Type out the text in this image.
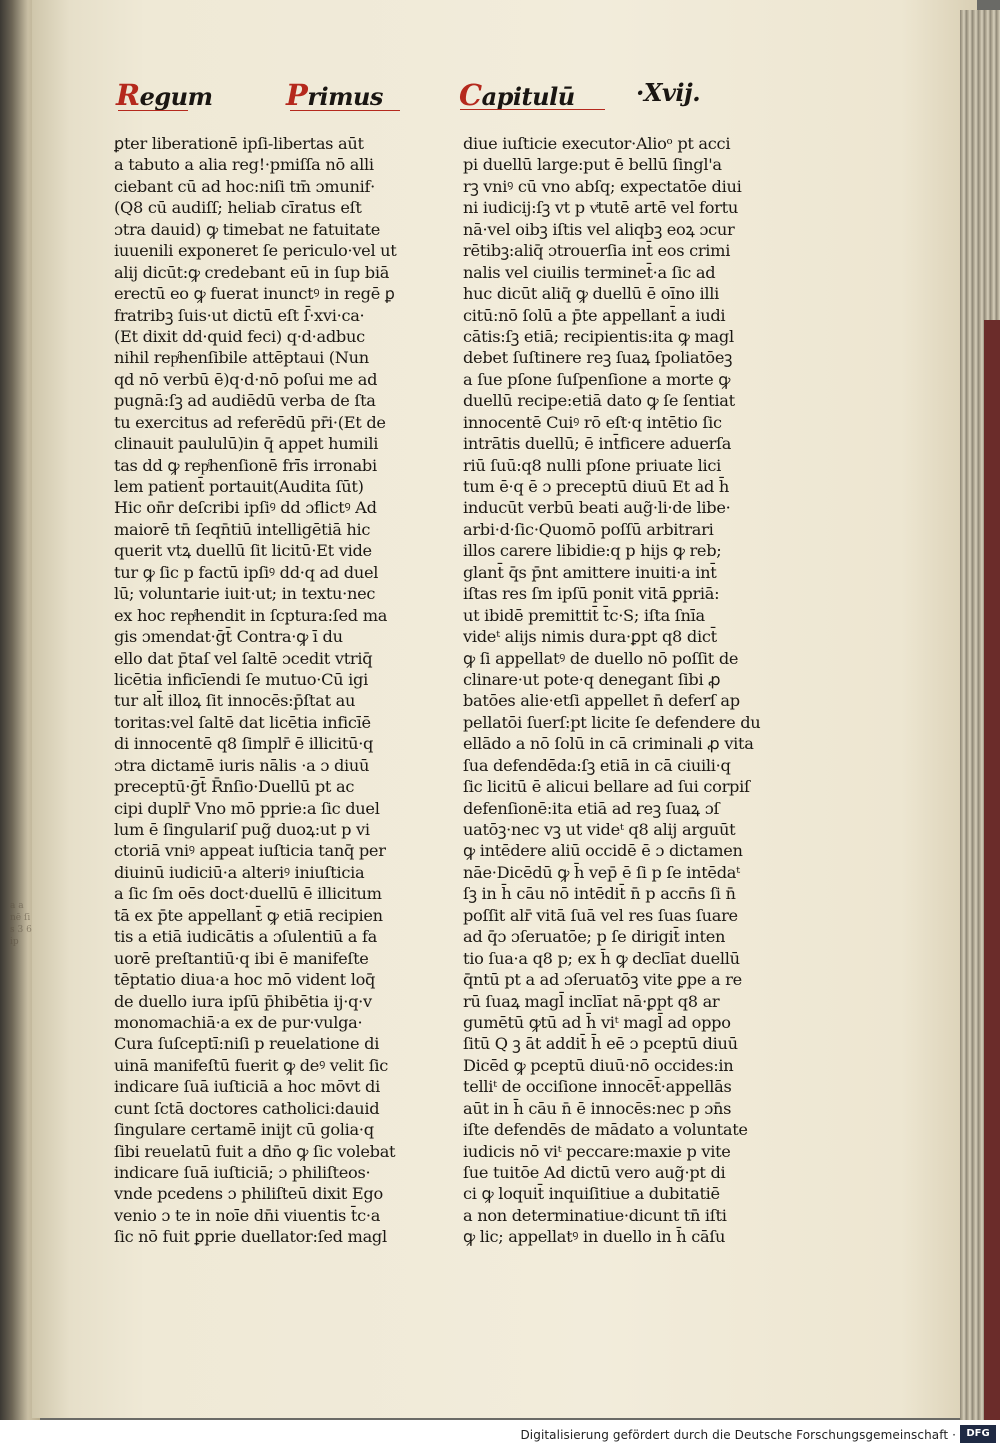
a a nē ſi s 3 6ip
Regum	Primus	Capitulū	·Xvij.
ꝑter liberationē ipſi-libertas aūt
a tabuto a alia reg!·pmiſſa nō alli
ciebant cū ad hoc:niſi tm̄ ɔmunif·
(Q8 cū audiſſ; heliab cīratus eſt
ɔtra dauid) ꝙ timebat ne fatuitate
iuuenili exponeret ſe periculo·vel ut
alij dicūt:ꝙ credebant eū in ſup biā
erectū eo ꝙ fuerat inunctꝰ in regē ꝑ
fratribꝫ ſuis·ut dictū eſt ſ̄·xvi·ca·
(Et dixit dd·quid feci) q·d·adbuc
nihil repͥhenſibile attēptaui (Nun
qd nō verbū ē)q·d·nō poſui me ad
pugnā:ſꝫ ad audiēdū verba de ſta
tu exercitus ad referēdū pr̄i·(Et de
clinauit paululū)in q̄ appet humili
tas dd ꝙ repͥhenſionē frīs irronabi
lem patient̄ portauit(Audita ſūt)
Hic on̄r deſcribi ipſiꝰ dd ɔflictꝰ Ad
maiorē tn̄ ſeqn̄tiū intelligētiā hic
querit vtꝝ duellū ſit licitū·Et vide
tur ꝙ ſic p factū ipſiꝰ dd·q ad duel
lū; voluntarie iuit·ut; in textu·nec
ex hoc repͥhendit in ſcptura:ſed ma
gis ɔmendat·ḡt̄ Contra·ꝙ ī du
ello dat p̄taſ vel ſaltē ɔcedit vtriq̄
licētia inficīendi ſe mutuo·Cū igi
tur alt̄ illoꝝ ſit innocēs:p̄ſtat au
toritas:vel ſaltē dat licētia inficīē
di innocentē q8 ſimplr̄ ē illicitū·q
ɔtra dictamē iuris nālis ·a ɔ diuū
preceptū·ḡt̄ R̄nſio·Duellū pt ac
cipi duplr̄ Vno mō pprie:a ſic duel
lum ē ſingulariſ pug̃ duoꝝ:ut p vi
ctoriā vniꝰ appeat iuſticia tanq̄ per
diuinū iudiciū·a alteriꝰ iniuſticia
a ſic ſm oēs doct·duellū ē illicitum
tā ex p̄te appellant̄ ꝙ etiā recipien
tis a etiā iudicātis a ɔſulentiū a fa
uorē preſtantiū·q ibi ē manifeſte
tēptatio diua·a hoc mō vident loq̄
de duello iura ipſū p̄hibētia ij·q·v
monomachiā·a ex de pur·vulga·
Cura ſuſceptī:niſi p reuelatione di
uinā manifeſtū fuerit ꝙ deꝰ velit ſic
indicare ſuā iuſticiā a hoc mōvt di
cunt ſctā doctores catholici:dauid
ſingulare certamē inijt cū golia·q
ſibi reuelatū fuit a dn̄o ꝙ ſic volebat
indicare ſuā iuſticiā; ɔ philiſteos·
vnde pcedens ɔ philiſteū dixit Ego
venio ɔ te in noīe dn̄i viuentis t̄c·a
ſic nō fuit ꝑprie duellator:ſed magl
diue iuſticie executor·Alioᵒ pt acci
pi duellū large:put ē bellū ſingl'a
rꝫ vniꝰ cū vno abſq; expectatōe diui
ni iudicij:ſꝫ vt p vͥtutē artē vel fortu
nā·vel oibꝫ iſtis vel aliqbꝫ eoꝝ ɔcur
rētibꝫ:aliq̄ ɔtrouerſia int̄ eos crimi
nalis vel ciuilis terminet̄·a ſic ad
huc dicūt aliq̄ ꝙ duellū ē oīno illi
citū:nō ſolū a p̄te appellant̄ a iudi
cātis:ſꝫ etiā; recipientis:ita ꝙ magl
debet ſuſtinere reꝫ ſuaꝝ ſpoliatōeꝫ
a ſue pſone ſuſpenſione a morte ꝙ
duellū recipe:etiā dato ꝙ ſe ſentiat
innocentē Cuiꝰ rō eſt·q intētio ſic
intrātis duellū; ē int̄ficere aduerſa
riū ſuū:q8 nulli pſone priuate lici
tum ē·q ē ɔ preceptū diuū Et ad h̄
inducūt verbū beati aug̃·li·de libe·
arbi·d·ſic·Quomō poſſū arbitrari
illos carere libidie:q p hijs ꝙ reb;
glant̄ q̄s p̄nt amittere inuiti·a int̄
iſtas res ſm ipſū ponit vitā ꝑpriā:
ut ibidē premittit̄ t̄c·S; iſta ſnīa
videᵗ alijs nimis dura·ꝑpt q8 dict̄
ꝙ ſi appellatꝰ de duello nō poſſit de
clinare·ut pote·q denegant ſibi ꝓ
batōes alie·etſi appellet n̄ deferſ ap
pellatōi ſuerſ:pt licite ſe defendere du
ellādo a nō ſolū in cā criminali ꝓ vita
ſua defendēda:ſꝫ etiā in cā ciuili·q
ſic licitū ē alicui bellare ad ſui corpiſ
defenſionē:ita etiā ad reꝫ ſuaꝝ ɔſ
uatōꝫ·nec vꝫ ut videᵗ q8 alij arguūt
ꝙ intēdere aliū occidē ē ɔ dictamen
nāe·Dicēdū ꝙ h̄ vep̄ ē ſi p ſe intēdaᵗ
ſꝫ in h̄ cāu nō intēdit̄ n̄ p accn̄s ſi n̄
poſſit alr̄ vitā ſuā vel res ſuas ſuare
ad q̄ɔ ɔſeruatōe; p ſe dirigit̄ inten
tio ſua·a q8 p; ex h̄ ꝙ declīat duellū
q̄ntū pt a ad ɔſeruatōꝫ vite ꝑpe a re
rū ſuaꝝ magl̄ inclīat nā·ꝑpt q8 ar
gumētū ꝙtū ad h̄ viᵗ magl̄ ad oppo
ſitū Q ꝫ āt addit̄ h̄ eē ɔ pceptū diuū
Dicēd ꝙ pceptū diuū·nō occides:in
telliᵗ de occiſione innocēt̄·appellās
aūt in h̄ cāu n̄ ē innocēs:nec p ɔn̄s
iſte defendēs de mādato a voluntate
iudicis nō viᵗ peccare:maxie p vite
ſue tuitōe Ad dictū vero aug̃·pt di
ci ꝙ loquit̄ inquiſitiue a dubitatiē
a non determinatiue·dicunt tn̄ iſti
ꝙ lic; appellatꝰ in duello in h̄ cāſu
Digitalisierung gefördert durch die Deutsche Forschungsgemeinschaft ·	DFG
